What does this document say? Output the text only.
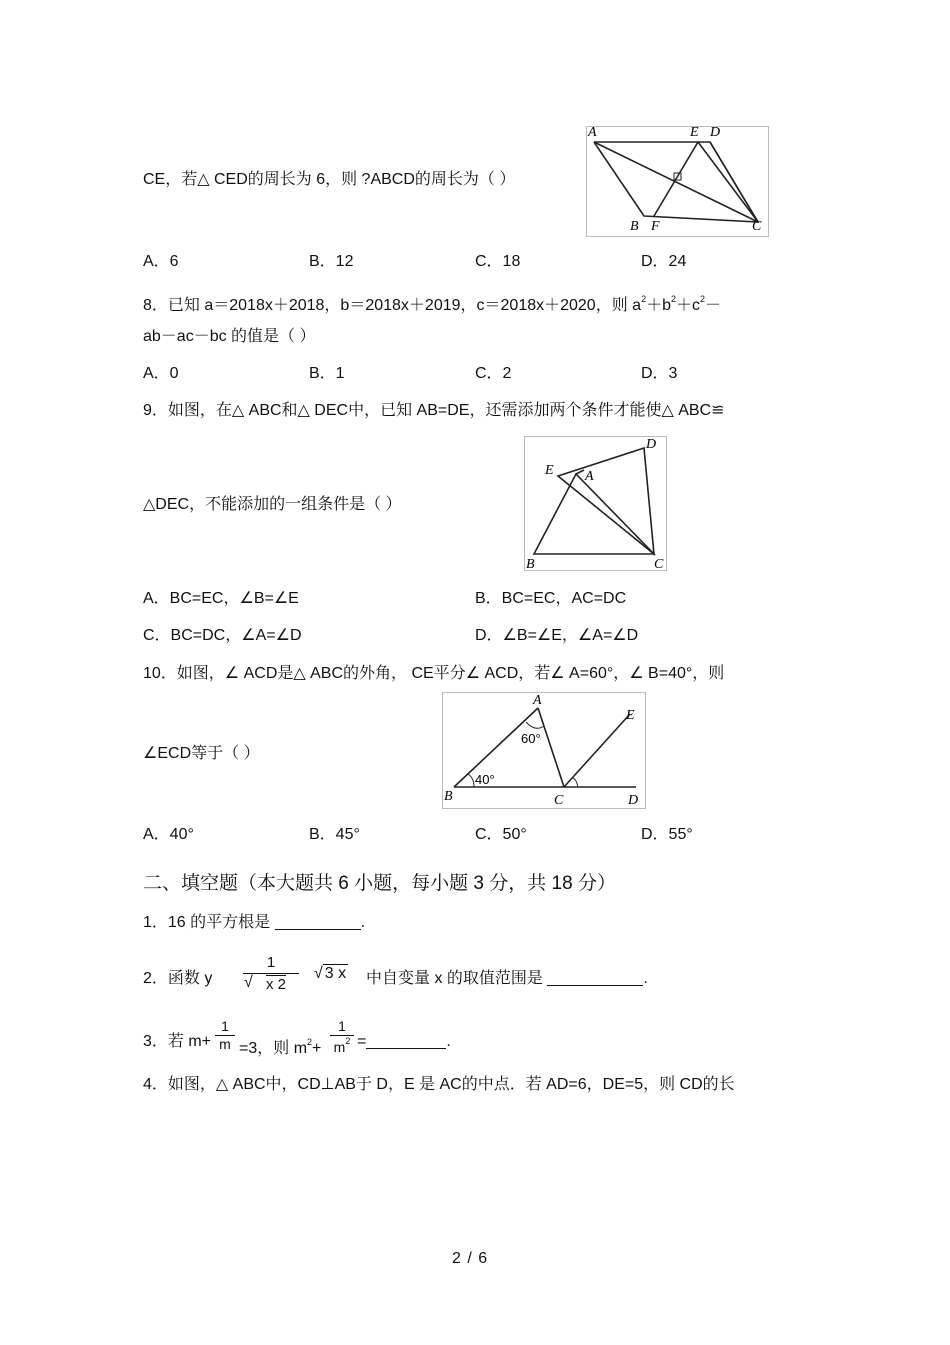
CE，若△ CED的周长为 6，则 ?ABCD的周长为（ ）
A	E D
B F	C
A．6	B．12	C．18	D．24
8．已知 a＝2018x＋2018，b＝2018x＋2019，c＝2018x＋2020，则 $a^2+b^2+c^2-$
ab－ac－bc 的值是（ ）
A．0	B．1	C．2	D．3
9．如图，在△ ABC和△ DEC中，已知 AB=DE，还需添加两个条件才能使△ ABC≌
D
E A
B	C
△DEC，不能添加的一组条件是（ ）
A．BC=EC，∠B=∠E	B．BC=EC，AC=DC
C．BC=DC，∠A=∠D	D．∠B=∠E，∠A=∠D
10．如图，∠ ACD是△ ABC的外角， CE平分∠ ACD，若∠ A=60°，∠ B=40°，则
A
E
B	C	D
60°
40°
∠ECD等于（ ）
A．40°	B．45°	C．50°	D．55°
二、填空题（本大题共 6 小题，每小题 3 分，共 18 分）
1．16 的平方根是	.
2．函数 y $\frac{1}{√ x 2}$ √ 3 x 中自变量 x 的取值范围是	.
3．若 $m+ \frac{1}{m} =3$，则 $m^2+ \frac{1}{m^2}$ =	.
4．如图，△ ABC中，CD⊥AB于 D，E 是 AC的中点．若 AD=6，DE=5，则 CD的长
2 / 6
